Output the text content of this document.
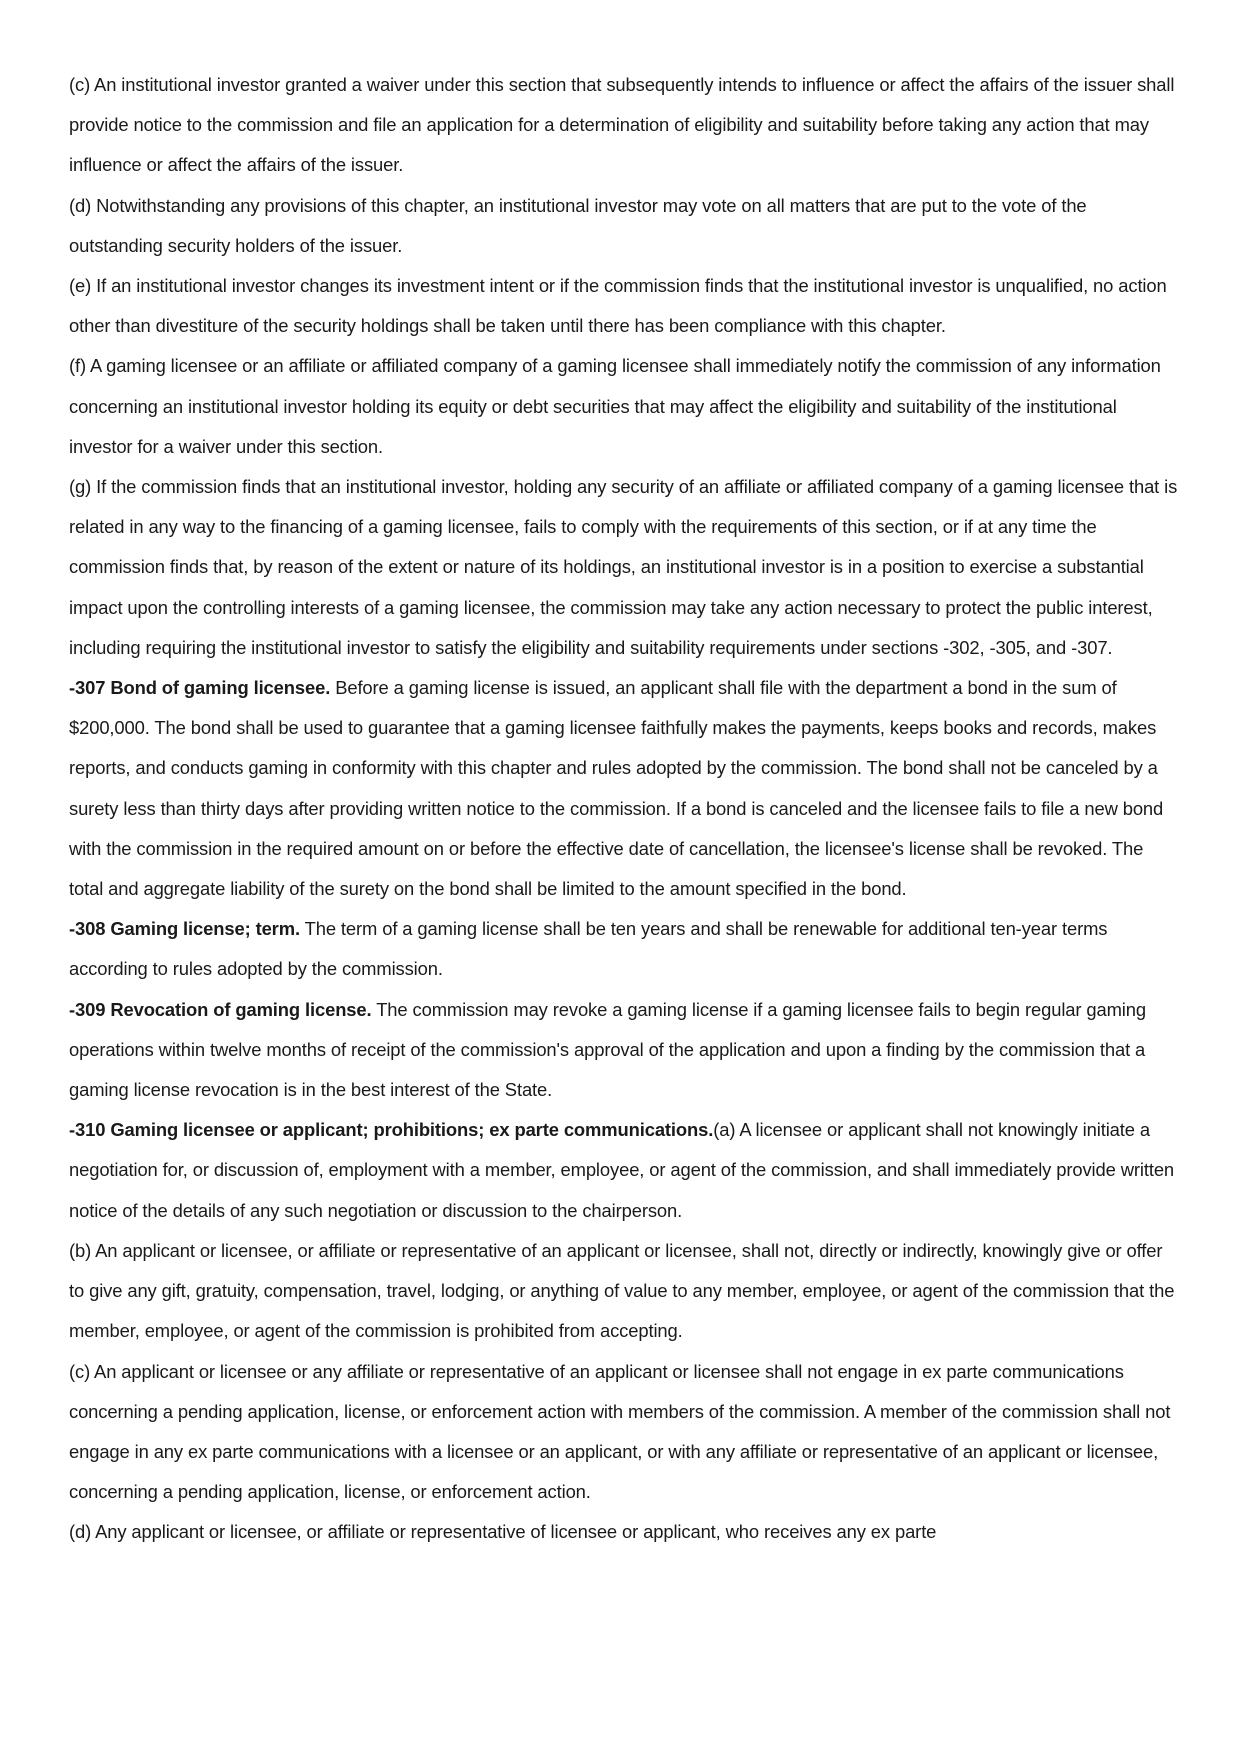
(c) An institutional investor granted a waiver under this section that subsequently intends to influence or affect the affairs of the issuer shall provide notice to the commission and file an application for a determination of eligibility and suitability before taking any action that may influence or affect the affairs of the issuer.

(d) Notwithstanding any provisions of this chapter, an institutional investor may vote on all matters that are put to the vote of the outstanding security holders of the issuer.

(e) If an institutional investor changes its investment intent or if the commission finds that the institutional investor is unqualified, no action other than divestiture of the security holdings shall be taken until there has been compliance with this chapter.

(f) A gaming licensee or an affiliate or affiliated company of a gaming licensee shall immediately notify the commission of any information concerning an institutional investor holding its equity or debt securities that may affect the eligibility and suitability of the institutional investor for a waiver under this section.

(g) If the commission finds that an institutional investor, holding any security of an affiliate or affiliated company of a gaming licensee that is related in any way to the financing of a gaming licensee, fails to comply with the requirements of this section, or if at any time the commission finds that, by reason of the extent or nature of its holdings, an institutional investor is in a position to exercise a substantial impact upon the controlling interests of a gaming licensee, the commission may take any action necessary to protect the public interest, including requiring the institutional investor to satisfy the eligibility and suitability requirements under sections -302, -305, and -307.

-307 Bond of gaming licensee. Before a gaming license is issued, an applicant shall file with the department a bond in the sum of $200,000. The bond shall be used to guarantee that a gaming licensee faithfully makes the payments, keeps books and records, makes reports, and conducts gaming in conformity with this chapter and rules adopted by the commission. The bond shall not be canceled by a surety less than thirty days after providing written notice to the commission. If a bond is canceled and the licensee fails to file a new bond with the commission in the required amount on or before the effective date of cancellation, the licensee's license shall be revoked. The total and aggregate liability of the surety on the bond shall be limited to the amount specified in the bond.

-308 Gaming license; term. The term of a gaming license shall be ten years and shall be renewable for additional ten-year terms according to rules adopted by the commission.

-309 Revocation of gaming license. The commission may revoke a gaming license if a gaming licensee fails to begin regular gaming operations within twelve months of receipt of the commission's approval of the application and upon a finding by the commission that a gaming license revocation is in the best interest of the State.

-310 Gaming licensee or applicant; prohibitions; ex parte communications.(a) A licensee or applicant shall not knowingly initiate a negotiation for, or discussion of, employment with a member, employee, or agent of the commission, and shall immediately provide written notice of the details of any such negotiation or discussion to the chairperson.

(b) An applicant or licensee, or affiliate or representative of an applicant or licensee, shall not, directly or indirectly, knowingly give or offer to give any gift, gratuity, compensation, travel, lodging, or anything of value to any member, employee, or agent of the commission that the member, employee, or agent of the commission is prohibited from accepting.

(c) An applicant or licensee or any affiliate or representative of an applicant or licensee shall not engage in ex parte communications concerning a pending application, license, or enforcement action with members of the commission. A member of the commission shall not engage in any ex parte communications with a licensee or an applicant, or with any affiliate or representative of an applicant or licensee, concerning a pending application, license, or enforcement action.

(d) Any applicant or licensee, or affiliate or representative of licensee or applicant, who receives any ex parte
